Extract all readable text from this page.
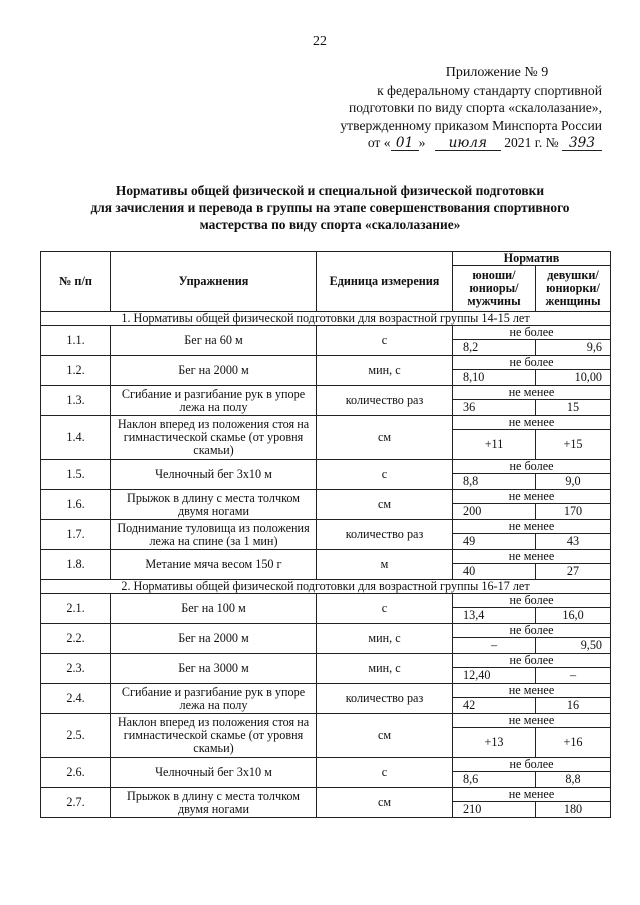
22
Приложение № 9
к федеральному стандарту спортивной
подготовки по виду спорта «скалолазание»,
утвержденному приказом Минспорта России
от « 01 » июля 2021 г. № 393
Нормативы общей физической и специальной физической подготовки
для зачисления и перевода в группы на этапе совершенствования спортивного
мастерства по виду спорта «скалолазание»
№ п/п	Упражнения	Единица измерения	Норматив	
			юноши/ юниоры/ мужчины	девушки/ юниорки/ женщины
1. Нормативы общей физической подготовки для возрастной группы 14-15 лет				
1.1.	Бег на 60 м	с	не более	
			8,2	9,6
1.2.	Бег на 2000 м	мин, с	не более	
			8,10	10,00
1.3.	Сгибание и разгибание рук в упоре лежа на полу	количество раз	не менее	
			36	15
1.4.	Наклон вперед из положения стоя на гимнастической скамье (от уровня скамьи)	см	не менее	
			+11	+15
1.5.	Челночный бег 3x10 м	с	не более	
			8,8	9,0
1.6.	Прыжок в длину с места толчком двумя ногами	см	не менее	
			200	170
1.7.	Поднимание туловища из положения лежа на спине (за 1 мин)	количество раз	не менее	
			49	43
1.8.	Метание мяча весом 150 г	м	не менее	
			40	27
2. Нормативы общей физической подготовки для возрастной группы 16-17 лет				
2.1.	Бег на 100 м	с	не более	
			13,4	16,0
2.2.	Бег на 2000 м	мин, с	не более	
			–	9,50
2.3.	Бег на 3000 м	мин, с	не более	
			12,40	–
2.4.	Сгибание и разгибание рук в упоре лежа на полу	количество раз	не менее	
			42	16
2.5.	Наклон вперед из положения стоя на гимнастической скамье (от уровня скамьи)	см	не менее	
			+13	+16
2.6.	Челночный бег 3x10 м	с	не более	
			8,6	8,8
2.7.	Прыжок в длину с места толчком двумя ногами	см	не менее	
			210	180
